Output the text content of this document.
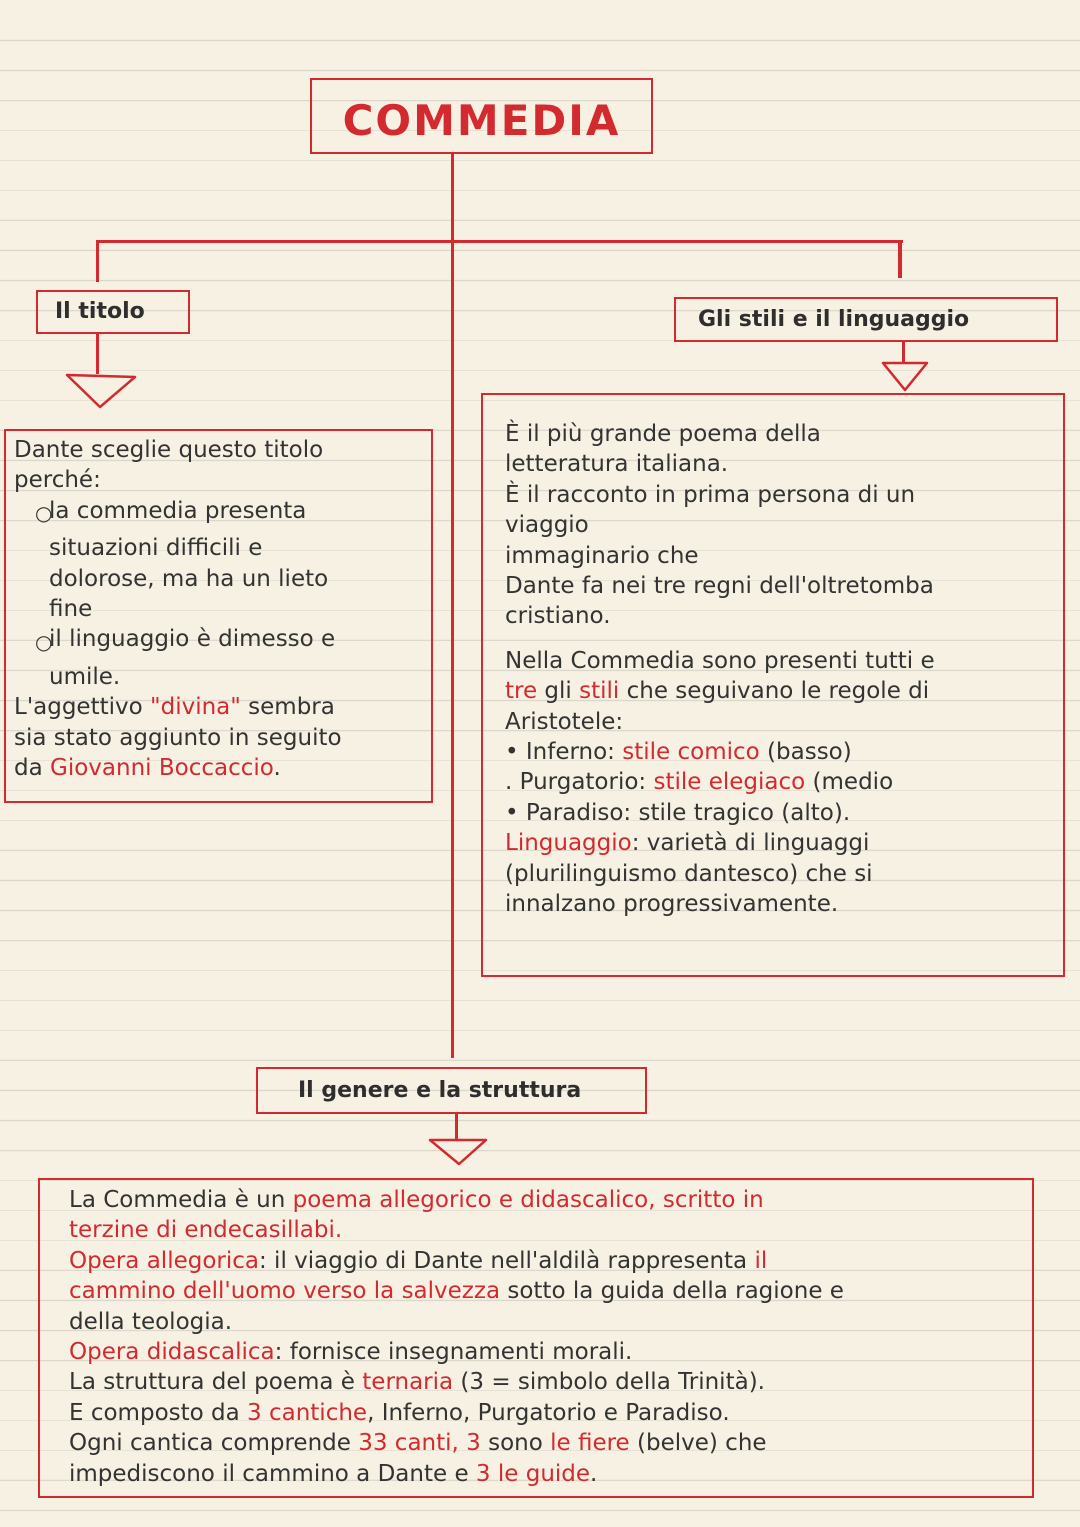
COMMEDIA
Il titolo
○
○

Dante sceglie questo titolo

perché:

la commedia presenta

situazioni difficili e

dolorose, ma ha un lieto

fine

il linguaggio è dimesso e

umile.

L'aggettivo "divina" sembra

sia stato aggiunto in seguito

da Giovanni Boccaccio.

Gli stili e il linguaggio

È il più grande poema della

letteratura italiana.

È il racconto in prima persona di un

viaggio

immaginario che

Dante fa nei tre regni dell'oltretomba

cristiano.

Nella Commedia sono presenti tutti e

tre gli stili che seguivano le regole di

Aristotele:

• Inferno: stile comico (basso)

. Purgatorio: stile elegiaco (medio

• Paradiso: stile tragico (alto).

Linguaggio: varietà di linguaggi

(plurilinguismo dantesco) che si

innalzano progressivamente.

Il genere e la struttura

La Commedia è un poema allegorico e didascalico, scritto in

terzine di endecasillabi.

Opera allegorica: il viaggio di Dante nell'aldilà rappresenta il

cammino dell'uomo verso la salvezza sotto la guida della ragione e

della teologia.

Opera didascalica: fornisce insegnamenti morali.

La struttura del poema è ternaria (3 = simbolo della Trinità).

E composto da 3 cantiche, Inferno, Purgatorio e Paradiso.

Ogni cantica comprende 33 canti, 3 sono le fiere (belve) che

impediscono il cammino a Dante e 3 le guide.
